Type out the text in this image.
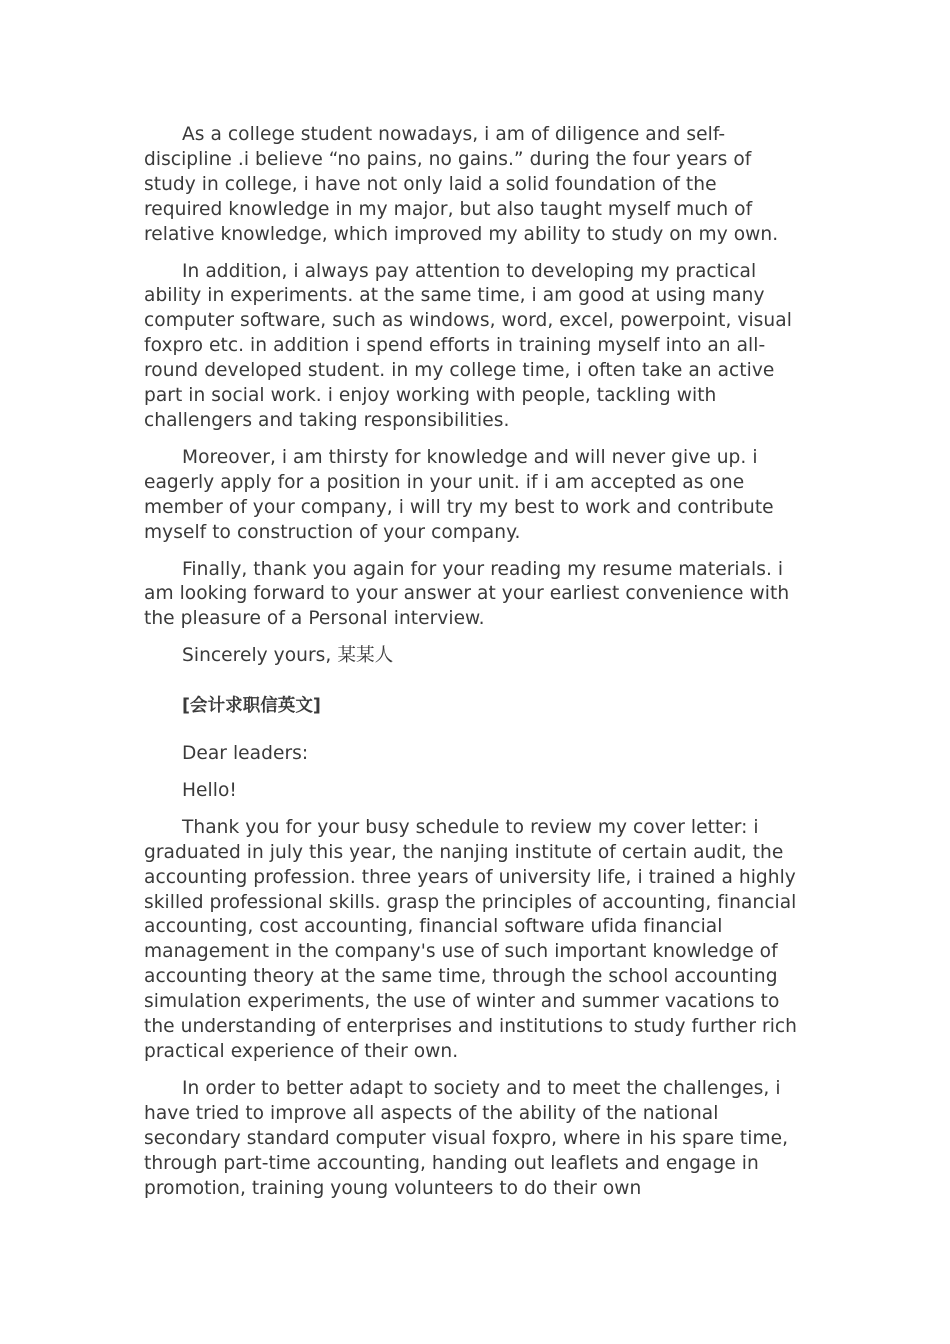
As a college student nowadays, i am of diligence and self-discipline .i believe “no pains, no gains.” during the four years of study in college, i have not only laid a solid foundation of the required knowledge in my major, but also taught myself much of relative knowledge, which improved my ability to study on my own.

In addition, i always pay attention to developing my practical ability in experiments. at the same time, i am good at using many computer software, such as windows, word, excel, powerpoint, visual foxpro etc. in addition i spend efforts in training myself into an all-round developed student. in my college time, i often take an active part in social work. i enjoy working with people, tackling with challengers and taking responsibilities.

Moreover, i am thirsty for knowledge and will never give up. i eagerly apply for a position in your unit. if i am accepted as one member of your company, i will try my best to work and contribute myself to construction of your company.

Finally, thank you again for your reading my resume materials. i am looking forward to your answer at your earliest convenience with the pleasure of a Personal interview.

Sincerely yours, 某某人

[会计求职信英文]

Dear leaders:

Hello!

Thank you for your busy schedule to review my cover letter: i graduated in july this year, the nanjing institute of certain audit, the accounting profession. three years of university life, i trained a highly skilled professional skills. grasp the principles of accounting, financial accounting, cost accounting, financial software ufida financial management in the company's use of such important knowledge of accounting theory at the same time, through the school accounting simulation experiments, the use of winter and summer vacations to the understanding of enterprises and institutions to study further rich practical experience of their own.

In order to better adapt to society and to meet the challenges, i have tried to improve all aspects of the ability of the national secondary standard computer visual foxpro, where in his spare time, through part-time accounting, handing out leaflets and engage in promotion, training young volunteers to do their own
